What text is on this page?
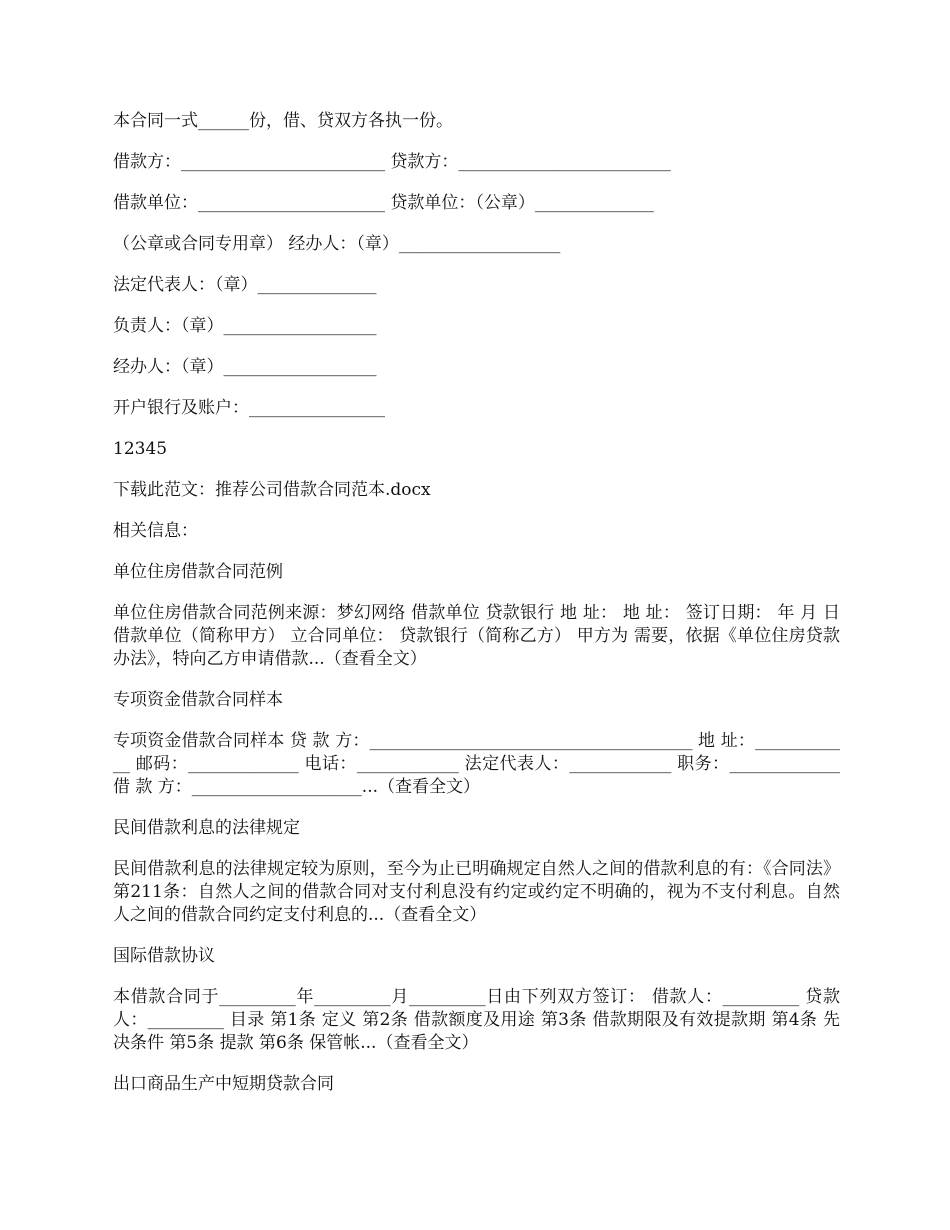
本合同一式______份，借、贷双方各执一份。

借款方：________________________ 贷款方：_________________________

借款单位：______________________ 贷款单位：（公章）______________

（公章或合同专用章） 经办人：（章）___________________

法定代表人：（章）______________

负责人：（章）__________________

经办人：（章）__________________

开户银行及账户：________________

12345

下载此范文：推荐公司借款合同范本.docx

相关信息：

单位住房借款合同范例

单位住房借款合同范例来源：梦幻网络 借款单位 贷款银行 地 址： 地 址： 签订日期： 年 月 日 借款单位（简称甲方） 立合同单位： 贷款银行（简称乙方） 甲方为 需要，依据《单位住房贷款办法》，特向乙方申请借款...（查看全文）

专项资金借款合同样本

专项资金借款合同样本 贷 款 方：______________________________________ 地 址：____________ 邮码：_____________ 电话：____________ 法定代表人：____________ 职务：_____________ 借 款 方：____________________...（查看全文）

民间借款利息的法律规定

民间借款利息的法律规定较为原则，至今为止已明确规定自然人之间的借款利息的有：《合同法》第211条：自然人之间的借款合同对支付利息没有约定或约定不明确的，视为不支付利息。自然人之间的借款合同约定支付利息的...（查看全文）

国际借款协议

本借款合同于_________年_________月_________日由下列双方签订： 借款人：_________ 贷款人：_________ 目录 第1条 定义 第2条 借款额度及用途 第3条 借款期限及有效提款期 第4条 先决条件 第5条 提款 第6条 保管帐...（查看全文）

出口商品生产中短期贷款合同
